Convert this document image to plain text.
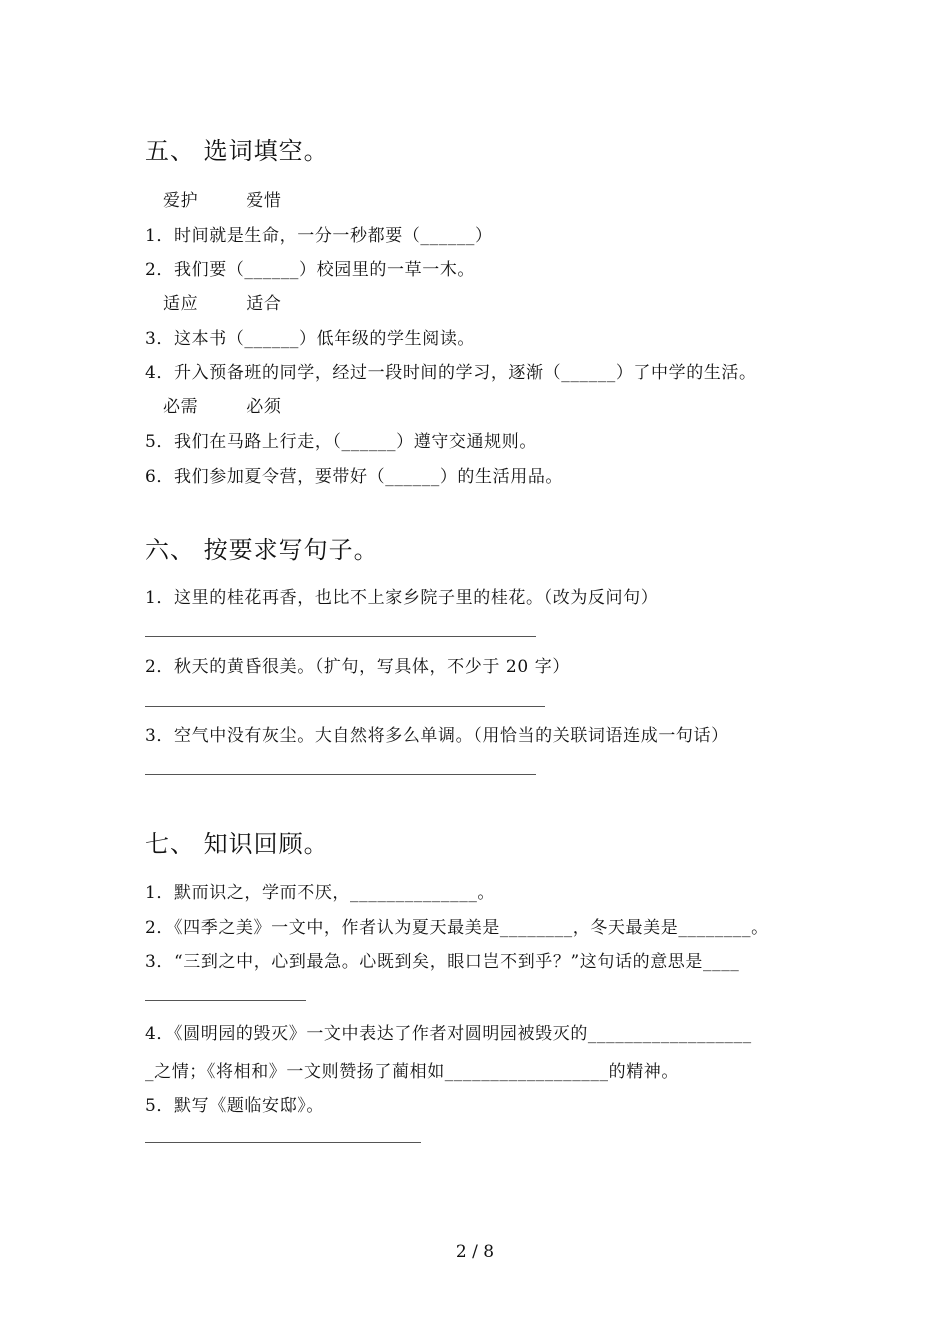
五、 选词填空。
爱护	爱惜
1．时间就是生命，一分一秒都要（______）
2．我们要（______）校园里的一草一木。
适应	适合
3．这本书（______）低年级的学生阅读。
4．升入预备班的同学，经过一段时间的学习，逐渐（______）了中学的生活。
必需	必须
5．我们在马路上行走，（______）遵守交通规则。
6．我们参加夏令营，要带好（______）的生活用品。
六、 按要求写句子。
1．这里的桂花再香，也比不上家乡院子里的桂花。（改为反问句）
2．秋天的黄昏很美。（扩句，写具体，不少于 20 字）
3．空气中没有灰尘。大自然将多么单调。（用恰当的关联词语连成一句话）
七、 知识回顾。
1．默而识之，学而不厌，______________。
2．《四季之美》一文中，作者认为夏天最美是________，冬天最美是________。
3．“三到之中，心到最急。心既到矣，眼口岂不到乎？”这句话的意思是____
4．《圆明园的毁灭》一文中表达了作者对圆明园被毁灭的__________________
_之情；《将相和》一文则赞扬了蔺相如__________________的精神。
5．默写《题临安邸》。
2 / 8
